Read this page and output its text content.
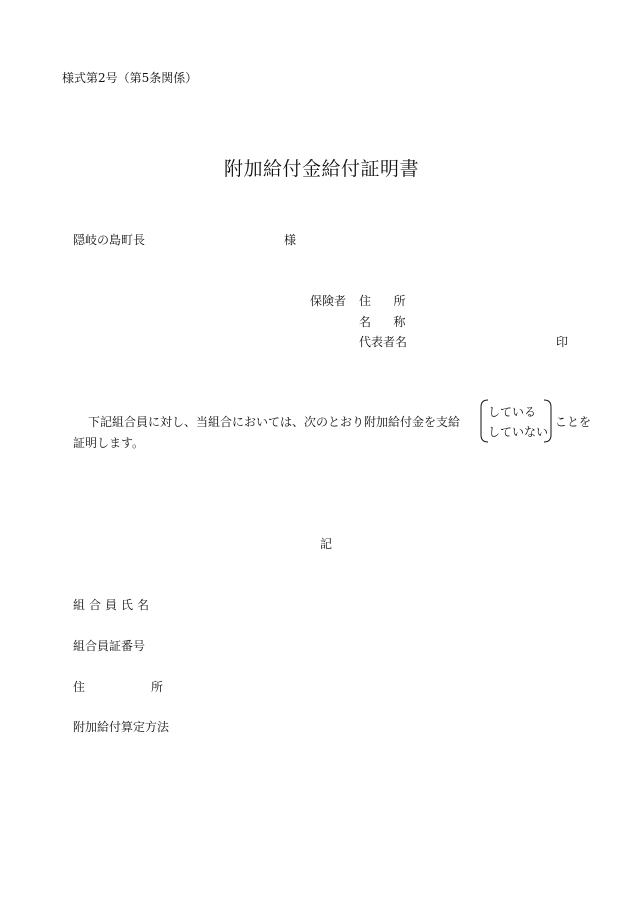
様式第2号（第5条関係）
附加給付金給付証明書
隠岐の島町長	様
保険者 住　　所
名　　称
代表者名	印
下記組合員に対し、当組合においては、次のとおり附加給付金を支給
している
していない
ことを
証明します。
記
組合員氏名
組合員証番号
住　　所
附加給付算定方法
